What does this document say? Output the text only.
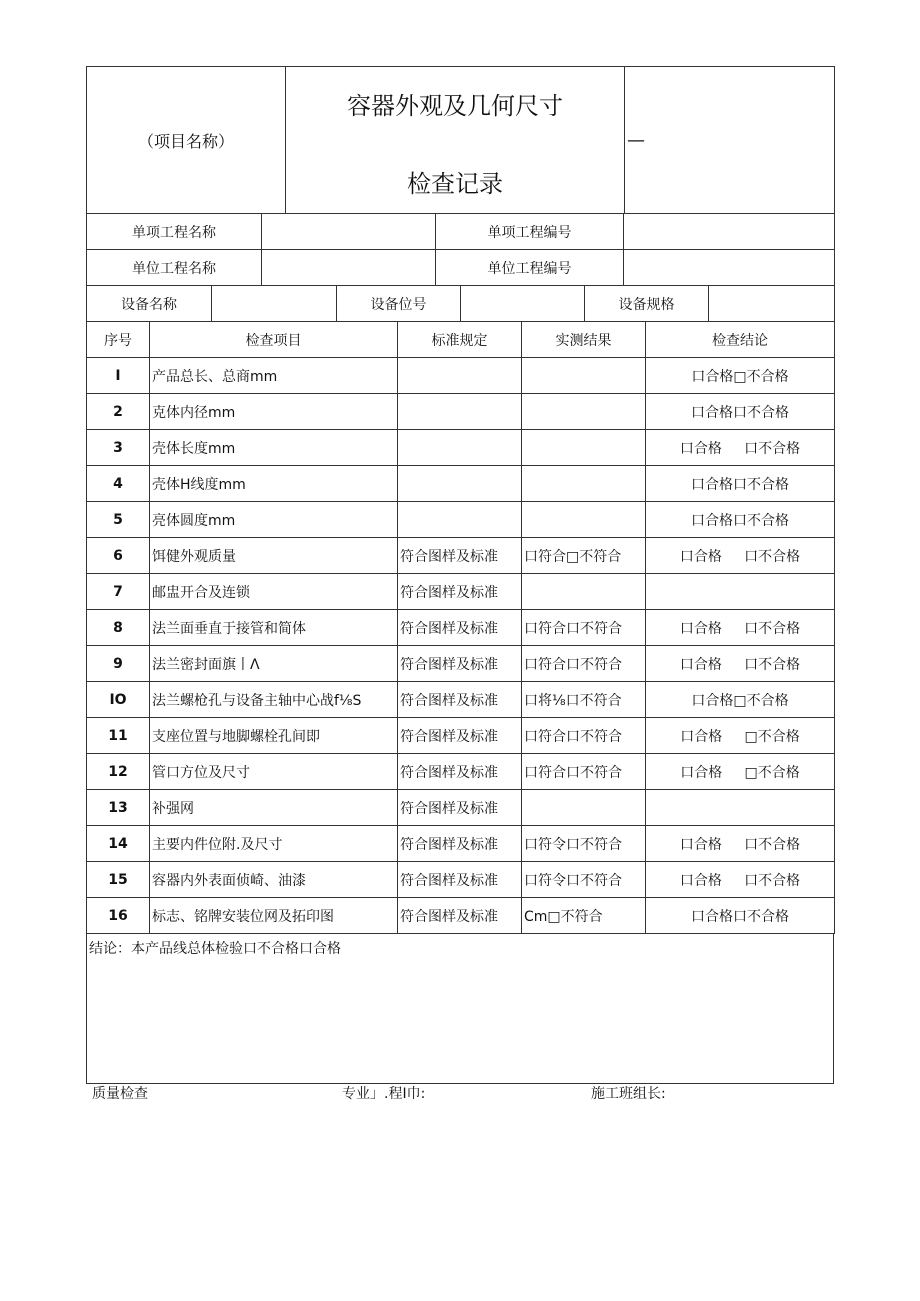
（项目名称）	
容器外观及几何尺寸
检查记录
	—
单项工程名称		单项工程编号	
单位工程名称		单位工程编号	
设备名称		设备位号		设备规格	
序号	检查项目	标准规定	实测结果	检查结论
I	产品总长、总商mm			口合格□不合格
2	克体内径mm			口合格口不合格
3	壳体长度mm			口合格     口不合格
4	壳体H线度mm			口合格口不合格
5	亮体圆度mm			口合格口不合格
6	饵健外观质量	符合图样及标准	口符合□不符合	口合格     口不合格
7	邮盅开合及连锁	符合图样及标准		
8	法兰面垂直于接管和简体	符合图样及标准	口符合口不符合	口合格     口不合格
9	法兰密封面旗丨Λ	符合图样及标准	口符合口不符合	口合格     口不合格
IO	法兰螺枪孔与设备主轴中心战f⅛S	符合图样及标准	口将⅛口不符合	口合格□不合格
11	支座位置与地脚螺栓孔间即	符合图样及标准	口符合口不符合	口合格     □不合格
12	管口方位及尺寸	符合图样及标准	口符合口不符合	口合格     □不合格
13	补强网	符合图样及标准		
14	主要内件位附.及尺寸	符合图样及标准	口符令口不符合	口合格     口不合格
15	容器内外表面侦崎、油漆	符合图样及标准	口符令口不符合	口合格     口不合格
16	标志、铭牌安装位网及拓印图	符合图样及标准	Cm□不符合	口合格口不合格
结论：本产品线总体检验口不合格口合格
质量检查	专业」.程I巾:	施工班组长:
